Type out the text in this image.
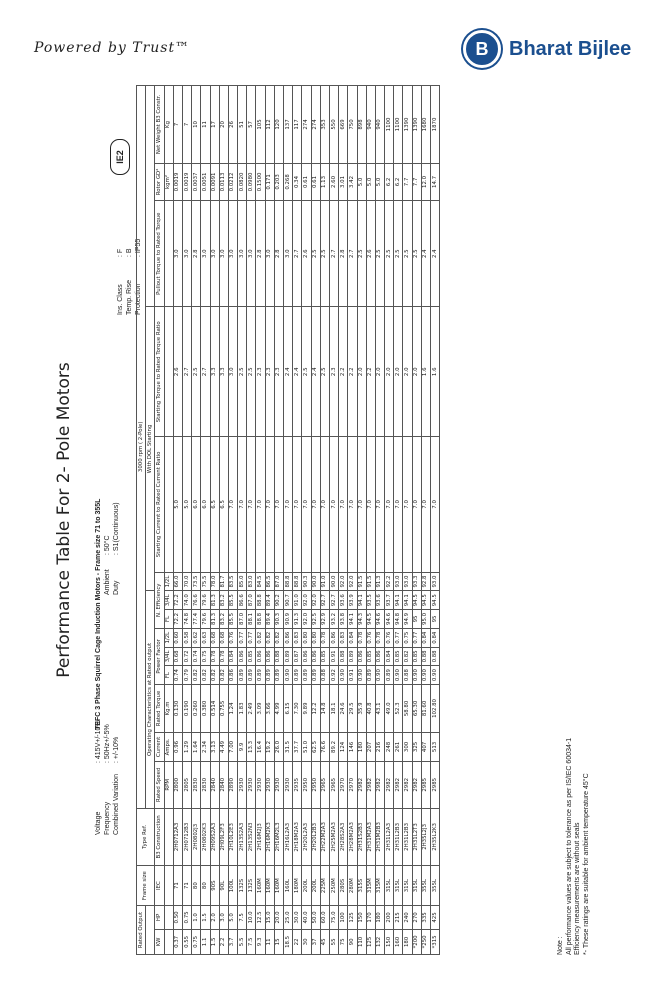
Powered by Trust™	B	Bharat Bijlee
Performance Table For 2- Pole Motors
Voltage
: 415V+/-10%
Frequency
: 50Hz+/-5%
Combined Variation
: +/-10%
TEFC 3 Phase Squirrel Cage Induction Motors - Frame size 71 to 355L Ambient
: 50°C
Duty
: S1(Continuous)
Ins. Class
: F
Temp. Rise
: B
Protection
: IP55
IE2
Rated Output		Frame size	Type Ref.	3000 rpm ( 2-Pole)													
				Operating Characteristics at Rated output								With DOL Starting					
KW	HP	IEC	B3 Construction	Rated Speed	Current	Rated Torque	Power Factor			N. Efficiency			Starting Current to Rated Current Ratio	Starting Torque to Rated Torque Ratio	Pullout Torque to Rated Torque	Rotor GD²	Net Weight B3 Constr.
				RPM	Amps.	Kg.m	FL	3/4L	1/2L	FL	3/4L	1/2L				kgm²	Kg
0.37	0.50	71	2H0712A3	2800	0.96	0.130	0.74	0.68	0.60	72.2	72.2	66.0	5.0	2.6	3.0	0.0019	7
0.55	0.75	71	2H0712B3	2805	1.29	0.190	0.79	0.72	0.58	74.8	74.0	70.0	5.0	2.7	3.0	0.0019	7
0.75	1.0	80	2H0802J3	2830	1.64	0.260	0.82	0.74	0.62	77.4	76.6	73.5	6.0	2.5	2.8	0.0037	10
1.1	1.5	80	2H0802K3	2830	2.34	0.380	0.82	0.75	0.63	79.6	79.6	75.5	6.0	2.7	3.0	0.0051	11
1.5	2.0	90S	2H09S2A3	2840	3.13	0.514	0.82	0.78	0.68	81.3	81.3	78.0	6.5	3.3	3.0	0.0091	17
2.2	3.0	90L	2H09L2F3	2840	4.49	0.755	0.82	0.78	0.68	83.2	83.2	81.7	6.5	3.3	3.0	0.0113	20
3.7	5.0	100L	2H10L2E3	2890	7.00	1.24	0.86	0.84	0.76	85.5	85.5	83.5	7.0	3.0	3.0	0.0212	26
5.5	7.5	132S	2H13S2A3	2930	9.9	1.83	0.89	0.86	0.77	87.0	86.6	85.0	7.0	2.5	3.0	0.0820	51
7.5	10.0	132S	2H13S2N3	2930	13.3	2.49	0.89	0.85	0.77	88.1	87.0	83.0	7.0	2.5	3.0	0.0980	57
9.3	12.5	160M	2H16M2J3	2930	16.4	3.09	0.89	0.86	0.82	88.8	88.8	84.5	7.0	2.3	2.8	0.1500	105
11	15.0	160M	2H16M2K3	2930	19.2	3.66	0.89	0.86	0.82	89.4	89.4	86.5	7.0	2.3	3.0	0.171	112
15	20.0	160M	2H16M2L3	2930	26.0	4.99	0.89	0.88	0.82	90.3	90.2	87.0	7.0	2.3	2.8	0.203	120
18.5	25.0	160L	2H16L2A3	2930	31.5	6.15	0.90	0.89	0.86	90.9	90.7	88.8	7.0	2.4	3.0	0.268	137
22	30.0	180M	2H18M2A3	2935	37.7	7.30	0.89	0.87	0.83	91.3	91.0	88.8	7.0	2.4	2.7	0.34	117
30	40.0	200L	2H20L2A3	2950	51.0	9.89	0.89	0.86	0.80	92.0	92.0	90.3	7.0	2.5	2.6	0.61	274
37	50.0	200L	2H20L2B3	2950	62.5	12.2	0.89	0.86	0.80	92.5	92.0	90.0	7.0	2.4	2.5	0.61	274
45	60.0	225M	2H22M2A3	2965	76.6	14.8	0.88	0.85	0.78	92.9	92.7	91.0	7.0	2.5	2.5	1.13	353
55	75.0	250M	2H25M2A3	2965	89.2	18.1	0.92	0.91	0.86	93.2	92.7	90.0	7.0	2.3	2.7	2.60	550
75	100	280S	2H28S2A3	2970	124	24.6	0.90	0.88	0.83	93.8	93.6	92.0	7.0	2.2	2.8	3.01	669
90	125	280M	2H28M2A3	2970	146	29.5	0.91	0.89	0.84	94.1	93.9	92.0	7.0	2.2	2.7	3.42	750
110	150	315S	2H31S2B3	2982	180	35.9	0.90	0.86	0.78	94.3	94.1	91.5	7.0	2.0	2.5	5.0	898
125	170	315M	2H31M2A3	2982	207	40.8	0.89	0.85	0.76	94.5	93.5	91.5	7.0	2.2	2.6	5.0	940
132	180	315M	2H31M2B3	2982	216	43.1	0.90	0.86	0.78	94.6	93.6	91.3	7.0	2.0	2.5	5.0	940
150	200	315L	2H31L2A3	2982	248	49.0	0.89	0.84	0.76	94.6	93.7	92.2	7.0	2.0	2.5	6.2	1100
160	215	315L	2H31L2B3	2982	261	52.3	0.90	0.85	0.77	94.8	94.1	93.0	7.0	2.0	2.5	6.2	1100
180	240	315L	2H31L2B3	2982	300	58.80	0.88	0.82	0.75	94.9	94.1	93.0	7.0	2.0	2.5	7.7	1390
*200	270	315L	2H31L2T3	2982	325	65.30	0.90	0.85	0.77	95	94.5	93.3	7.0	2.0	2.5	7.7	1390
*250	335	355L	2H35L2J3	2985	407	81.60	0.90	0.88	0.84	95.0	94.5	92.8	7.0	1.6	2.4	12.0	1680
*315	425	355L	2H35L2K3	2985	513	102.80	0.90	0.88	0.84	95	94.5	93.0	7.0	1.6	2.4	14.7	1870
Note : All performance values are subject to tolerance as per IS/IEC 60034-1 Efficiency measurements are without seals *- These ratings are suitable for ambient temperature 45°C
